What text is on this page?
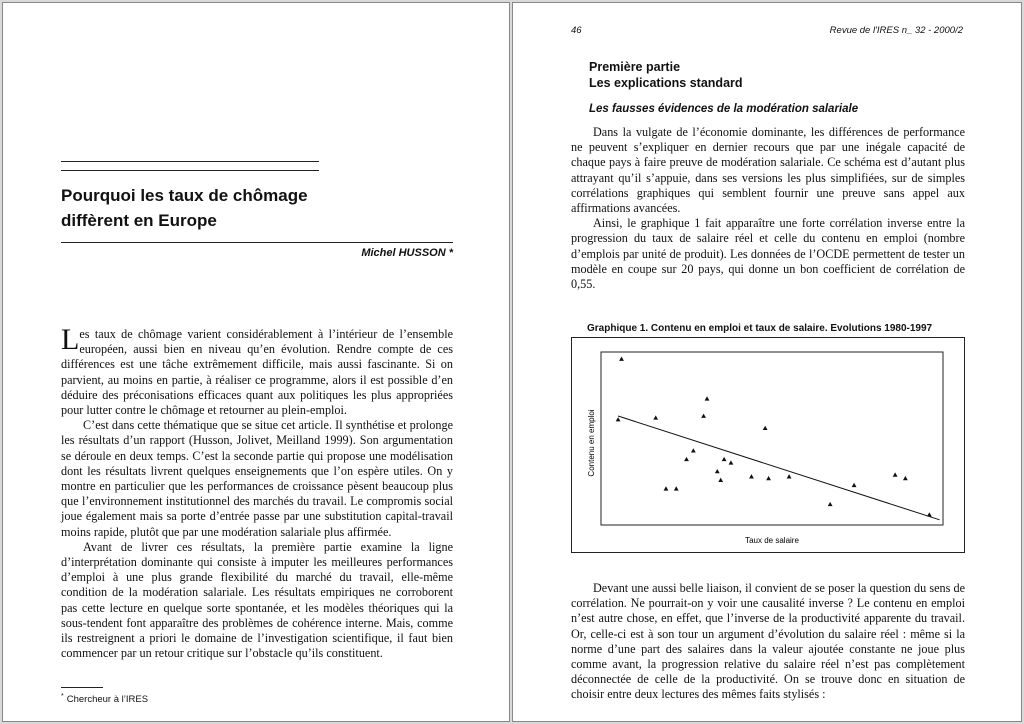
Pourquoi les taux de chômage
diffèrent en Europe
Michel HUSSON *

Les taux de chômage varient considérablement à l’intérieur de l’ensemble européen, aussi bien en niveau qu’en évolution. Rendre compte de ces différences est une tâche extrêmement difficile, mais aussi fascinante. Si on parvient, au moins en partie, à réaliser ce programme, alors il est possible d’en déduire des préconisations efficaces quant aux politiques les plus appropriées pour lutter contre le chômage et retourner au plein-emploi.

C’est dans cette thématique que se situe cet article. Il synthétise et prolonge les résultats d’un rapport (Husson, Jolivet, Meilland 1999). Son argumentation se déroule en deux temps. C’est la seconde partie qui propose une modélisation dont les résultats livrent quelques enseignements que l’on espère utiles. On y montre en particulier que les performances de croissance pèsent beaucoup plus que l’environnement institutionnel des marchés du travail. Le compromis social joue également mais sa porte d’entrée passe par une substitution capital-travail moins rapide, plutôt que par une modération salariale plus affirmée.

Avant de livrer ces résultats, la première partie examine la ligne d’interprétation dominante qui consiste à imputer les meilleures performances d’emploi à une plus grande flexibilité du marché du travail, elle-même condition de la modération salariale. Les résultats empiriques ne corroborent pas cette lecture en quelque sorte spontanée, et les modèles théoriques qui la sous-tendent font apparaître des problèmes de cohérence interne. Mais, comme ils restreignent a priori le domaine de l’investigation scientifique, il faut bien commencer par un retour critique sur l’obstacle qu’ils constituent.

* Chercheur à l’IRES
46	Revue de l'IRES n_ 32 - 2000/2
Première partie
Les explications standard
Les fausses évidences de la modération salariale

Dans la vulgate de l’économie dominante, les différences de performance ne peuvent s’expliquer en dernier recours que par une inégale capacité de chaque pays à faire preuve de modération salariale. Ce schéma est d’autant plus attrayant qu’il s’appuie, dans ses versions les plus simplifiées, sur de simples corrélations graphiques qui semblent fournir une preuve sans appel aux affirmations avancées.

Ainsi, le graphique 1 fait apparaître une forte corrélation inverse entre la progression du taux de salaire réel et celle du contenu en emploi (nombre d’emplois par unité de produit). Les données de l’OCDE permettent de tester un modèle en coupe sur 20 pays, qui donne un bon coefficient de corrélation de 0,55.

Graphique 1. Contenu en emploi et taux de salaire. Evolutions 1980-1997
Taux de salaire
Contenu en emploi

Devant une aussi belle liaison, il convient de se poser la question du sens de corrélation. Ne pourrait-on y voir une causalité inverse ? Le contenu en emploi n’est autre chose, en effet, que l’inverse de la productivité apparente du travail. Or, celle-ci est à son tour un argument d’évolution du salaire réel : même si la norme d’une part des salaires dans la valeur ajoutée constante ne joue plus comme avant, la progression relative du salaire réel n’est pas complètement déconnectée de celle de la productivité. On se trouve donc en situation de choisir entre deux lectures des mêmes faits stylisés :
